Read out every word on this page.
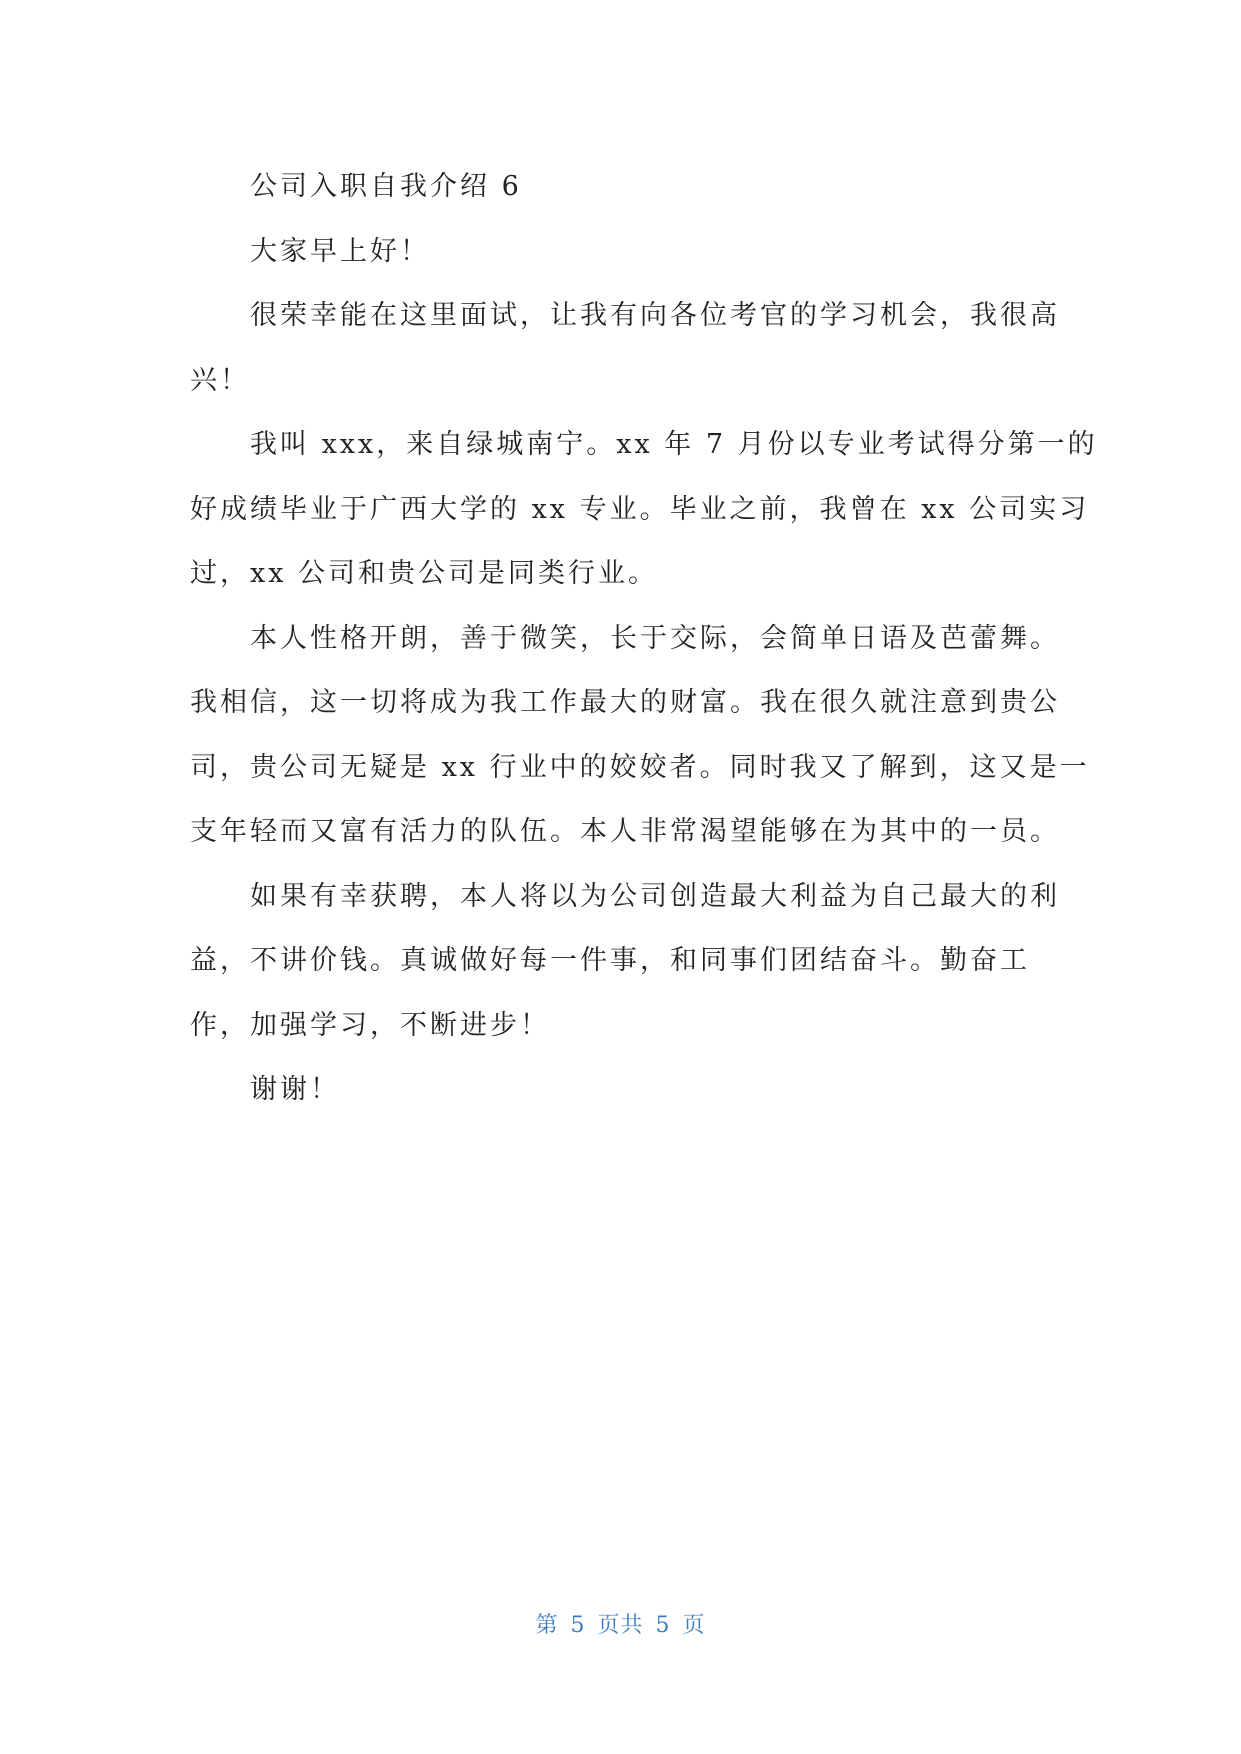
公司入职自我介绍 6

大家早上好！

很荣幸能在这里面试，让我有向各位考官的学习机会，我很高
兴！

我叫 xxx，来自绿城南宁。xx 年 7 月份以专业考试得分第一的
好成绩毕业于广西大学的 xx 专业。毕业之前，我曾在 xx 公司实习
过，xx 公司和贵公司是同类行业。

本人性格开朗，善于微笑，长于交际，会简单日语及芭蕾舞。
我相信，这一切将成为我工作最大的财富。我在很久就注意到贵公
司，贵公司无疑是 xx 行业中的姣姣者。同时我又了解到，这又是一
支年轻而又富有活力的队伍。本人非常渴望能够在为其中的一员。

如果有幸获聘，本人将以为公司创造最大利益为自己最大的利
益，不讲价钱。真诚做好每一件事，和同事们团结奋斗。勤奋工
作，加强学习，不断进步！

谢谢！

第 5 页共 5 页
